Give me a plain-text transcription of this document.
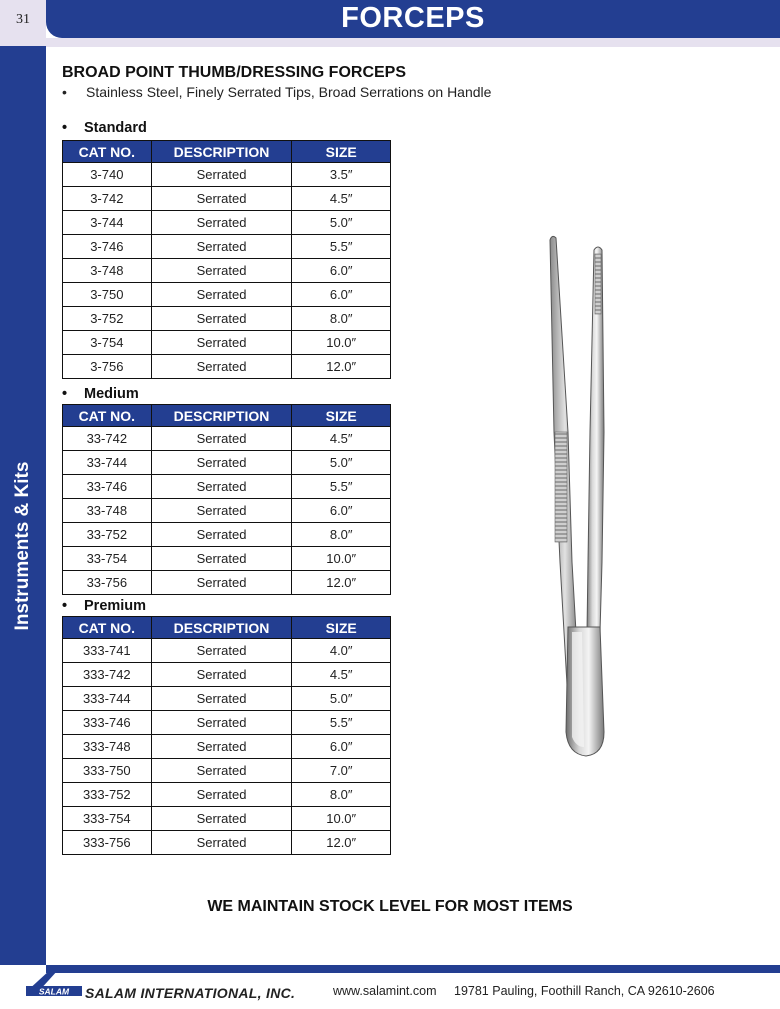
31	FORCEPS
Instruments & Kits
BROAD POINT THUMB/DRESSING FORCEPS
• Stainless Steel, Finely Serrated Tips, Broad Serrations on Handle
• Standard
• Medium
• Premium
CAT NO.	DESCRIPTION	SIZE
3-740	Serrated	3.5″
3-742	Serrated	4.5″
3-744	Serrated	5.0″
3-746	Serrated	5.5″
3-748	Serrated	6.0″
3-750	Serrated	6.0″
3-752	Serrated	8.0″
3-754	Serrated	10.0″
3-756	Serrated	12.0″
CAT NO.	DESCRIPTION	SIZE
33-742	Serrated	4.5″
33-744	Serrated	5.0″
33-746	Serrated	5.5″
33-748	Serrated	6.0″
33-752	Serrated	8.0″
33-754	Serrated	10.0″
33-756	Serrated	12.0″
CAT NO.	DESCRIPTION	SIZE
333-741	Serrated	4.0″
333-742	Serrated	4.5″
333-744	Serrated	5.0″
333-746	Serrated	5.5″
333-748	Serrated	6.0″
333-750	Serrated	7.0″
333-752	Serrated	8.0″
333-754	Serrated	10.0″
333-756	Serrated	12.0″
WE MAINTAIN STOCK LEVEL FOR MOST ITEMS
SALAM SALAM INTERNATIONAL, INC.	www.salamint.com 19781 Pauling, Foothill Ranch, CA 92610-2606
